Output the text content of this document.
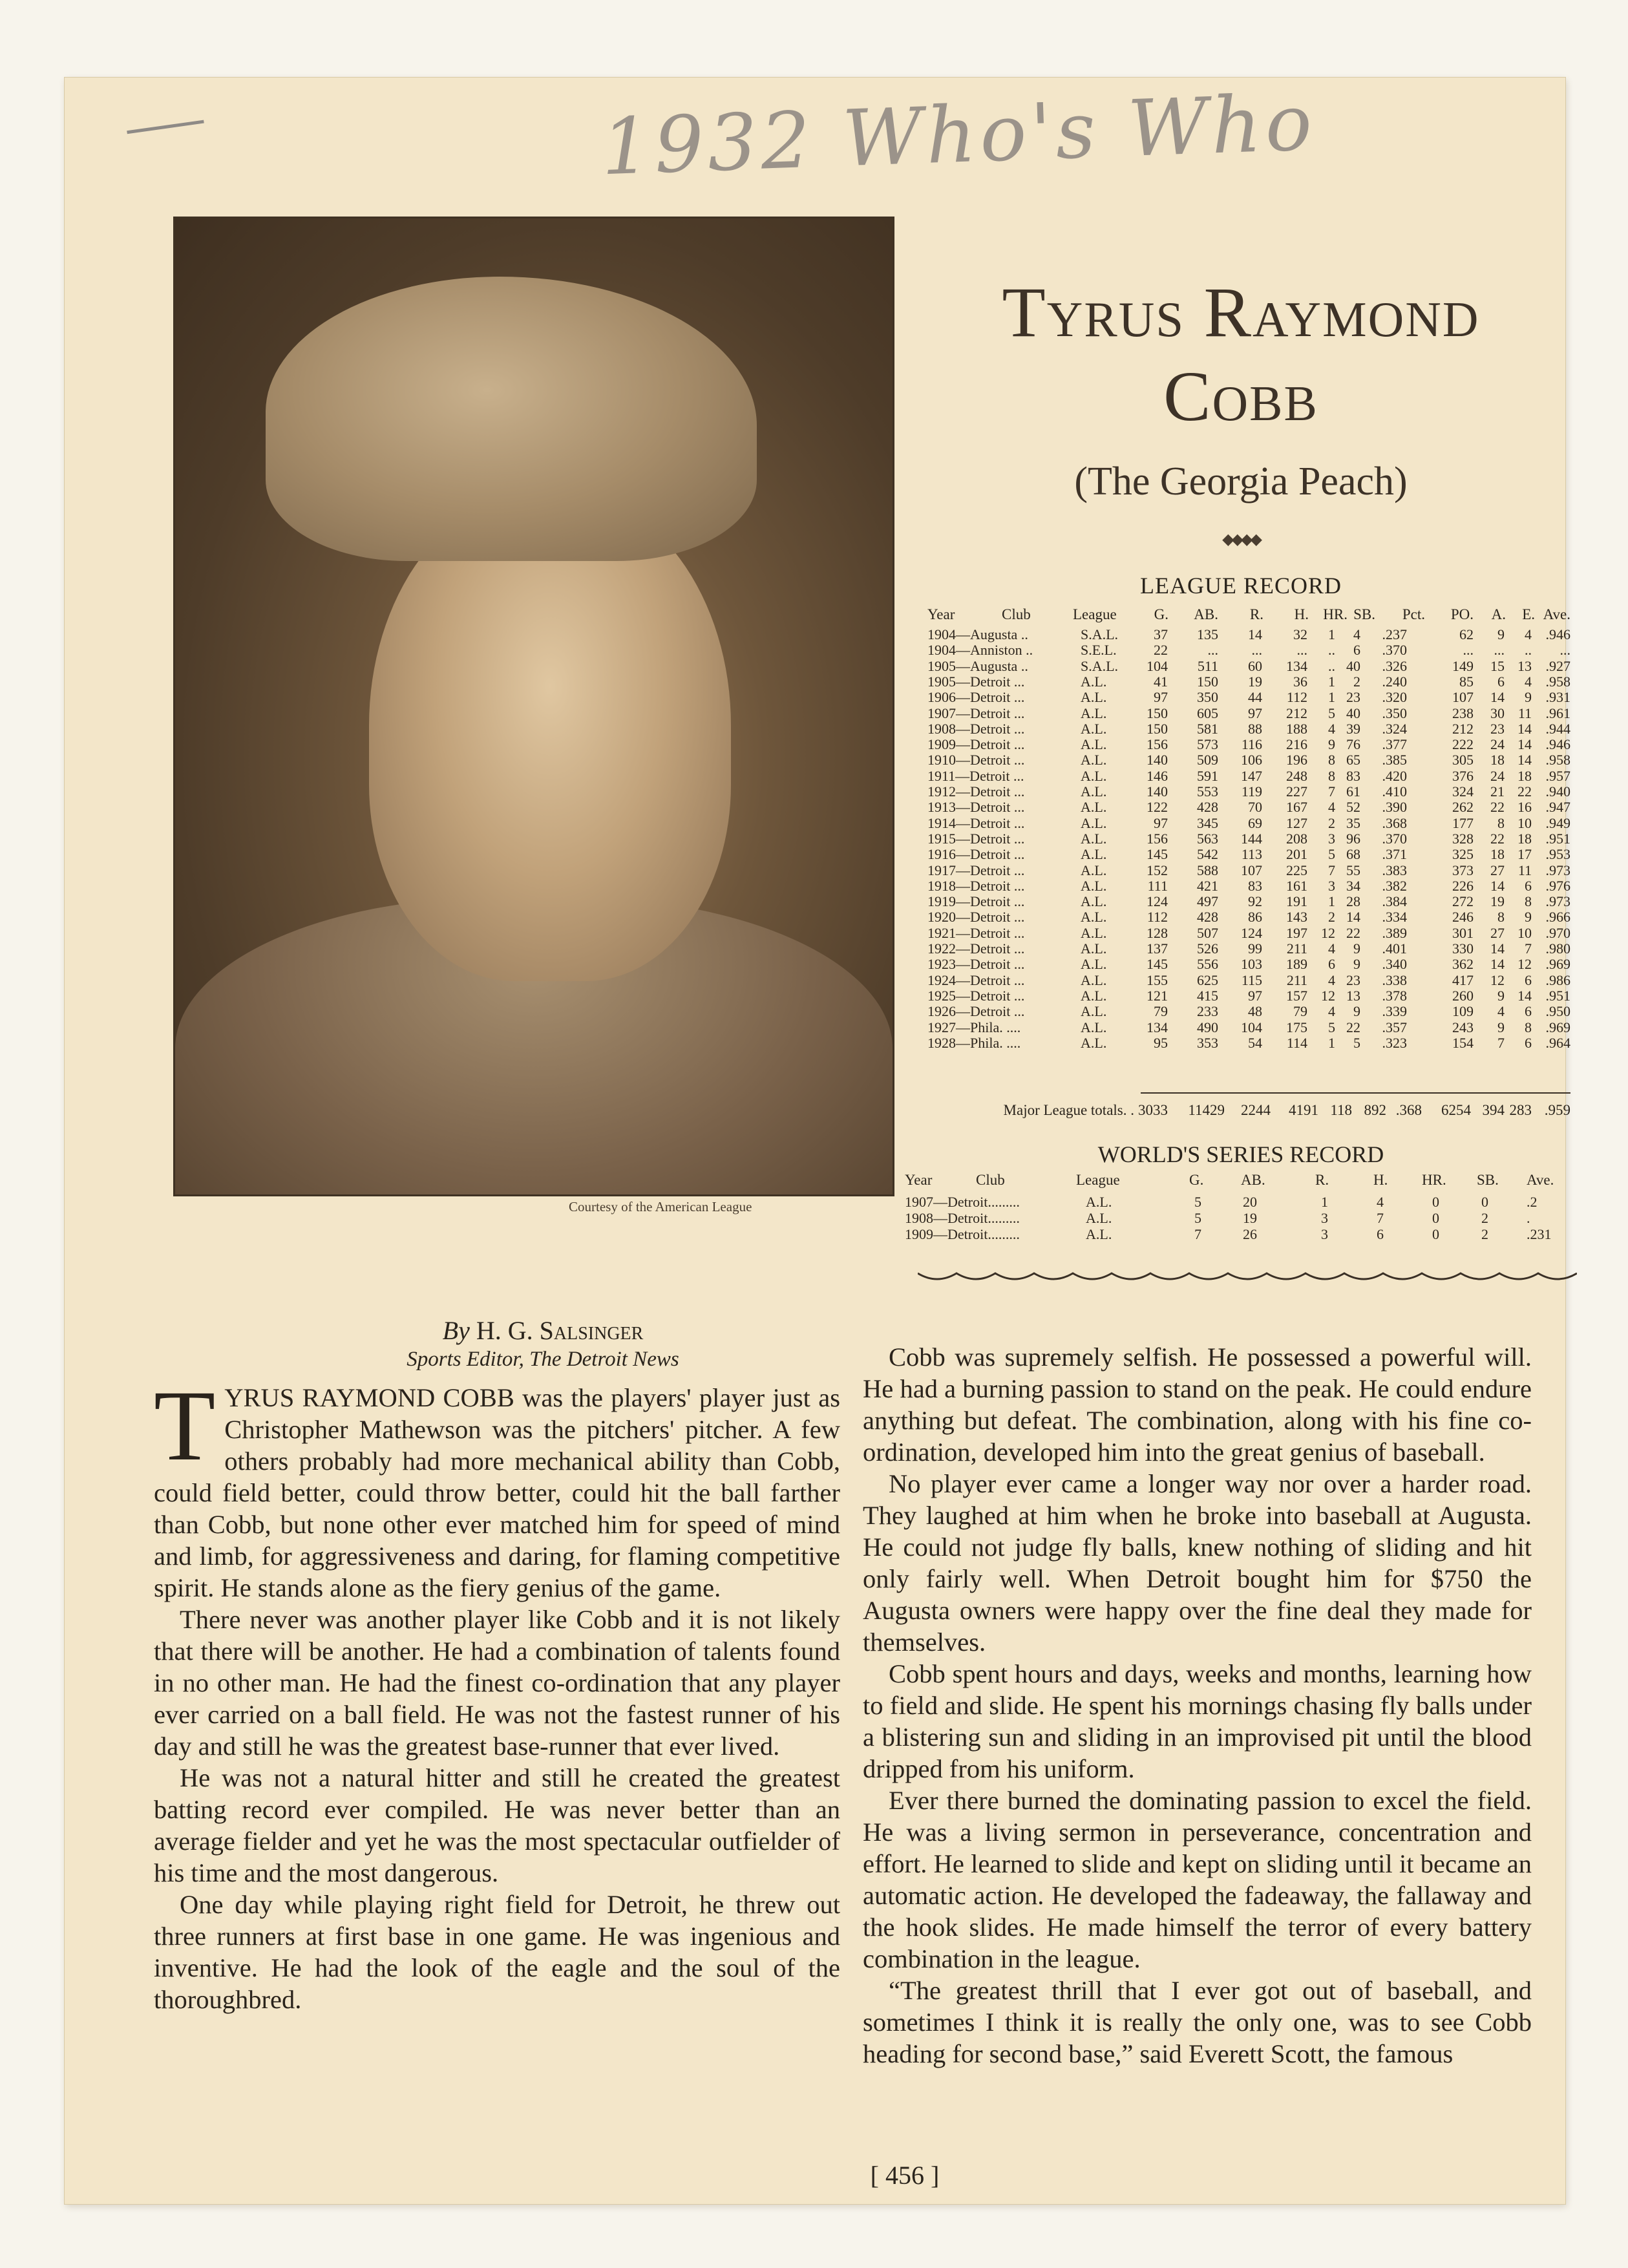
1932 Who's Who
Courtesy of the American League
Tyrus Raymond
Cobb
(The Georgia Peach)
◆◆◆◆
LEAGUE RECORD
Year	Club	League	G. AB. R. H. HR. SB. Pct. PO. A. E. Ave.
1904—Augusta ..	S.A.L. 37 135 14 32 1 4 .237	62 9 4 .946
1904—Anniston ..	S.E.L.	22	... ... ... .. 6 .370	... ... .. ...
1905—Augusta ..	S.A.L. 104 511 60 134 .. 40 .326	149 15 13 .927
1905—Detroit ...	A.L.	41 150 19 36 1 2 .240	85 6 4 .958
1906—Detroit ...	A.L.	97 350 44 112 1 23 .320	107 14 9 .931
1907—Detroit ...	A.L.	150 605 97 212 5 40 .350	238 30 11 .961
1908—Detroit ...	A.L.	150 581 88 188 4 39 .324	212 23 14 .944
1909—Detroit ...	A.L.	156 573 116 216 9 76 .377	222 24 14 .946
1910—Detroit ...	A.L.	140 509 106 196 8 65 .385	305 18 14 .958
1911—Detroit ...	A.L.	146 591 147 248 8 83 .420	376 24 18 .957
1912—Detroit ...	A.L.	140 553 119 227 7 61 .410	324 21 22 .940
1913—Detroit ...	A.L.	122 428 70 167 4 52 .390	262 22 16 .947
1914—Detroit ...	A.L.	97 345 69 127 2 35 .368	177 8 10 .949
1915—Detroit ...	A.L.	156 563 144 208 3 96 .370	328 22 18 .951
1916—Detroit ...	A.L.	145 542 113 201 5 68 .371	325 18 17 .953
1917—Detroit ...	A.L.	152 588 107 225 7 55 .383	373 27 11 .973
1918—Detroit ...	A.L.	111 421 83 161 3 34 .382	226 14 6 .976
1919—Detroit ...	A.L.	124 497 92 191 1 28 .384	272 19 8 .973
1920—Detroit ...	A.L.	112 428 86 143 2 14 .334	246 8 9 .966
1921—Detroit ...	A.L.	128 507 124 197 12 22 .389	301 27 10 .970
1922—Detroit ...	A.L.	137 526 99 211 4 9 .401	330 14 7 .980
1923—Detroit ...	A.L.	145 556 103 189 6 9 .340	362 14 12 .969
1924—Detroit ...	A.L.	155 625 115 211 4 23 .338	417 12 6 .986
1925—Detroit ...	A.L.	121 415 97 157 12 13 .378	260 9 14 .951
1926—Detroit ...	A.L.	79 233 48 79 4 9 .339	109 4 6 .950
1927—Phila. ....	A.L.	134 490 104 175 5 22 .357	243 9 8 .969
1928—Phila. ....	A.L.	95 353 54 114 1 5 .323	154 7 6 .964
Major League totals. . 3033 11429 2244 4191 118 892 .368 6254 394 283 .959
WORLD'S SERIES RECORD
Year	Club	League	G.	AB.	R.	H. HR. SB. Ave.
1907—Detroit.........	A.L.	5	20	1	4	0	0	.2
1908—Detroit.........	A.L.	5	19	3	7	0	2	.
1909—Detroit.........	A.L.	7	26	3	6	0	2	.231
By H. G. Salsinger
Sports Editor, The Detroit News

TYRUS RAYMOND COBB was the players' player just as Christopher Mathewson was the pitchers' pitcher. A few others probably had more mechanical ability than Cobb, could field better, could throw better, could hit the ball farther than Cobb, but none other ever matched him for speed of mind and limb, for aggressiveness and daring, for flaming competitive spirit. He stands alone as the fiery genius of the game.

There never was another player like Cobb and it is not likely that there will be another. He had a combination of talents found in no other man. He had the finest co-ordination that any player ever carried on a ball field. He was not the fastest runner of his day and still he was the greatest base-runner that ever lived.

He was not a natural hitter and still he created the greatest batting record ever compiled. He was never better than an average fielder and yet he was the most spectacular outfielder of his time and the most dangerous.

One day while playing right field for Detroit, he threw out three runners at first base in one game. He was ingenious and inventive. He had the look of the eagle and the soul of the thoroughbred.

Cobb was supremely selfish. He possessed a powerful will. He had a burning passion to stand on the peak. He could endure anything but defeat. The combination, along with his fine co-ordination, developed him into the great genius of baseball.

No player ever came a longer way nor over a harder road. They laughed at him when he broke into baseball at Augusta. He could not judge fly balls, knew nothing of sliding and hit only fairly well. When Detroit bought him for $750 the Augusta owners were happy over the fine deal they made for themselves.

Cobb spent hours and days, weeks and months, learning how to field and slide. He spent his mornings chasing fly balls under a blistering sun and sliding in an improvised pit until the blood dripped from his uniform.

Ever there burned the dominating passion to excel the field. He was a living sermon in perseverance, concentration and effort. He learned to slide and kept on sliding until it became an automatic action. He developed the fadeaway, the fallaway and the hook slides. He made himself the terror of every battery combination in the league.

“The greatest thrill that I ever got out of baseball, and sometimes I think it is really the only one, was to see Cobb heading for second base,” said Everett Scott, the famous

[ 456 ]
